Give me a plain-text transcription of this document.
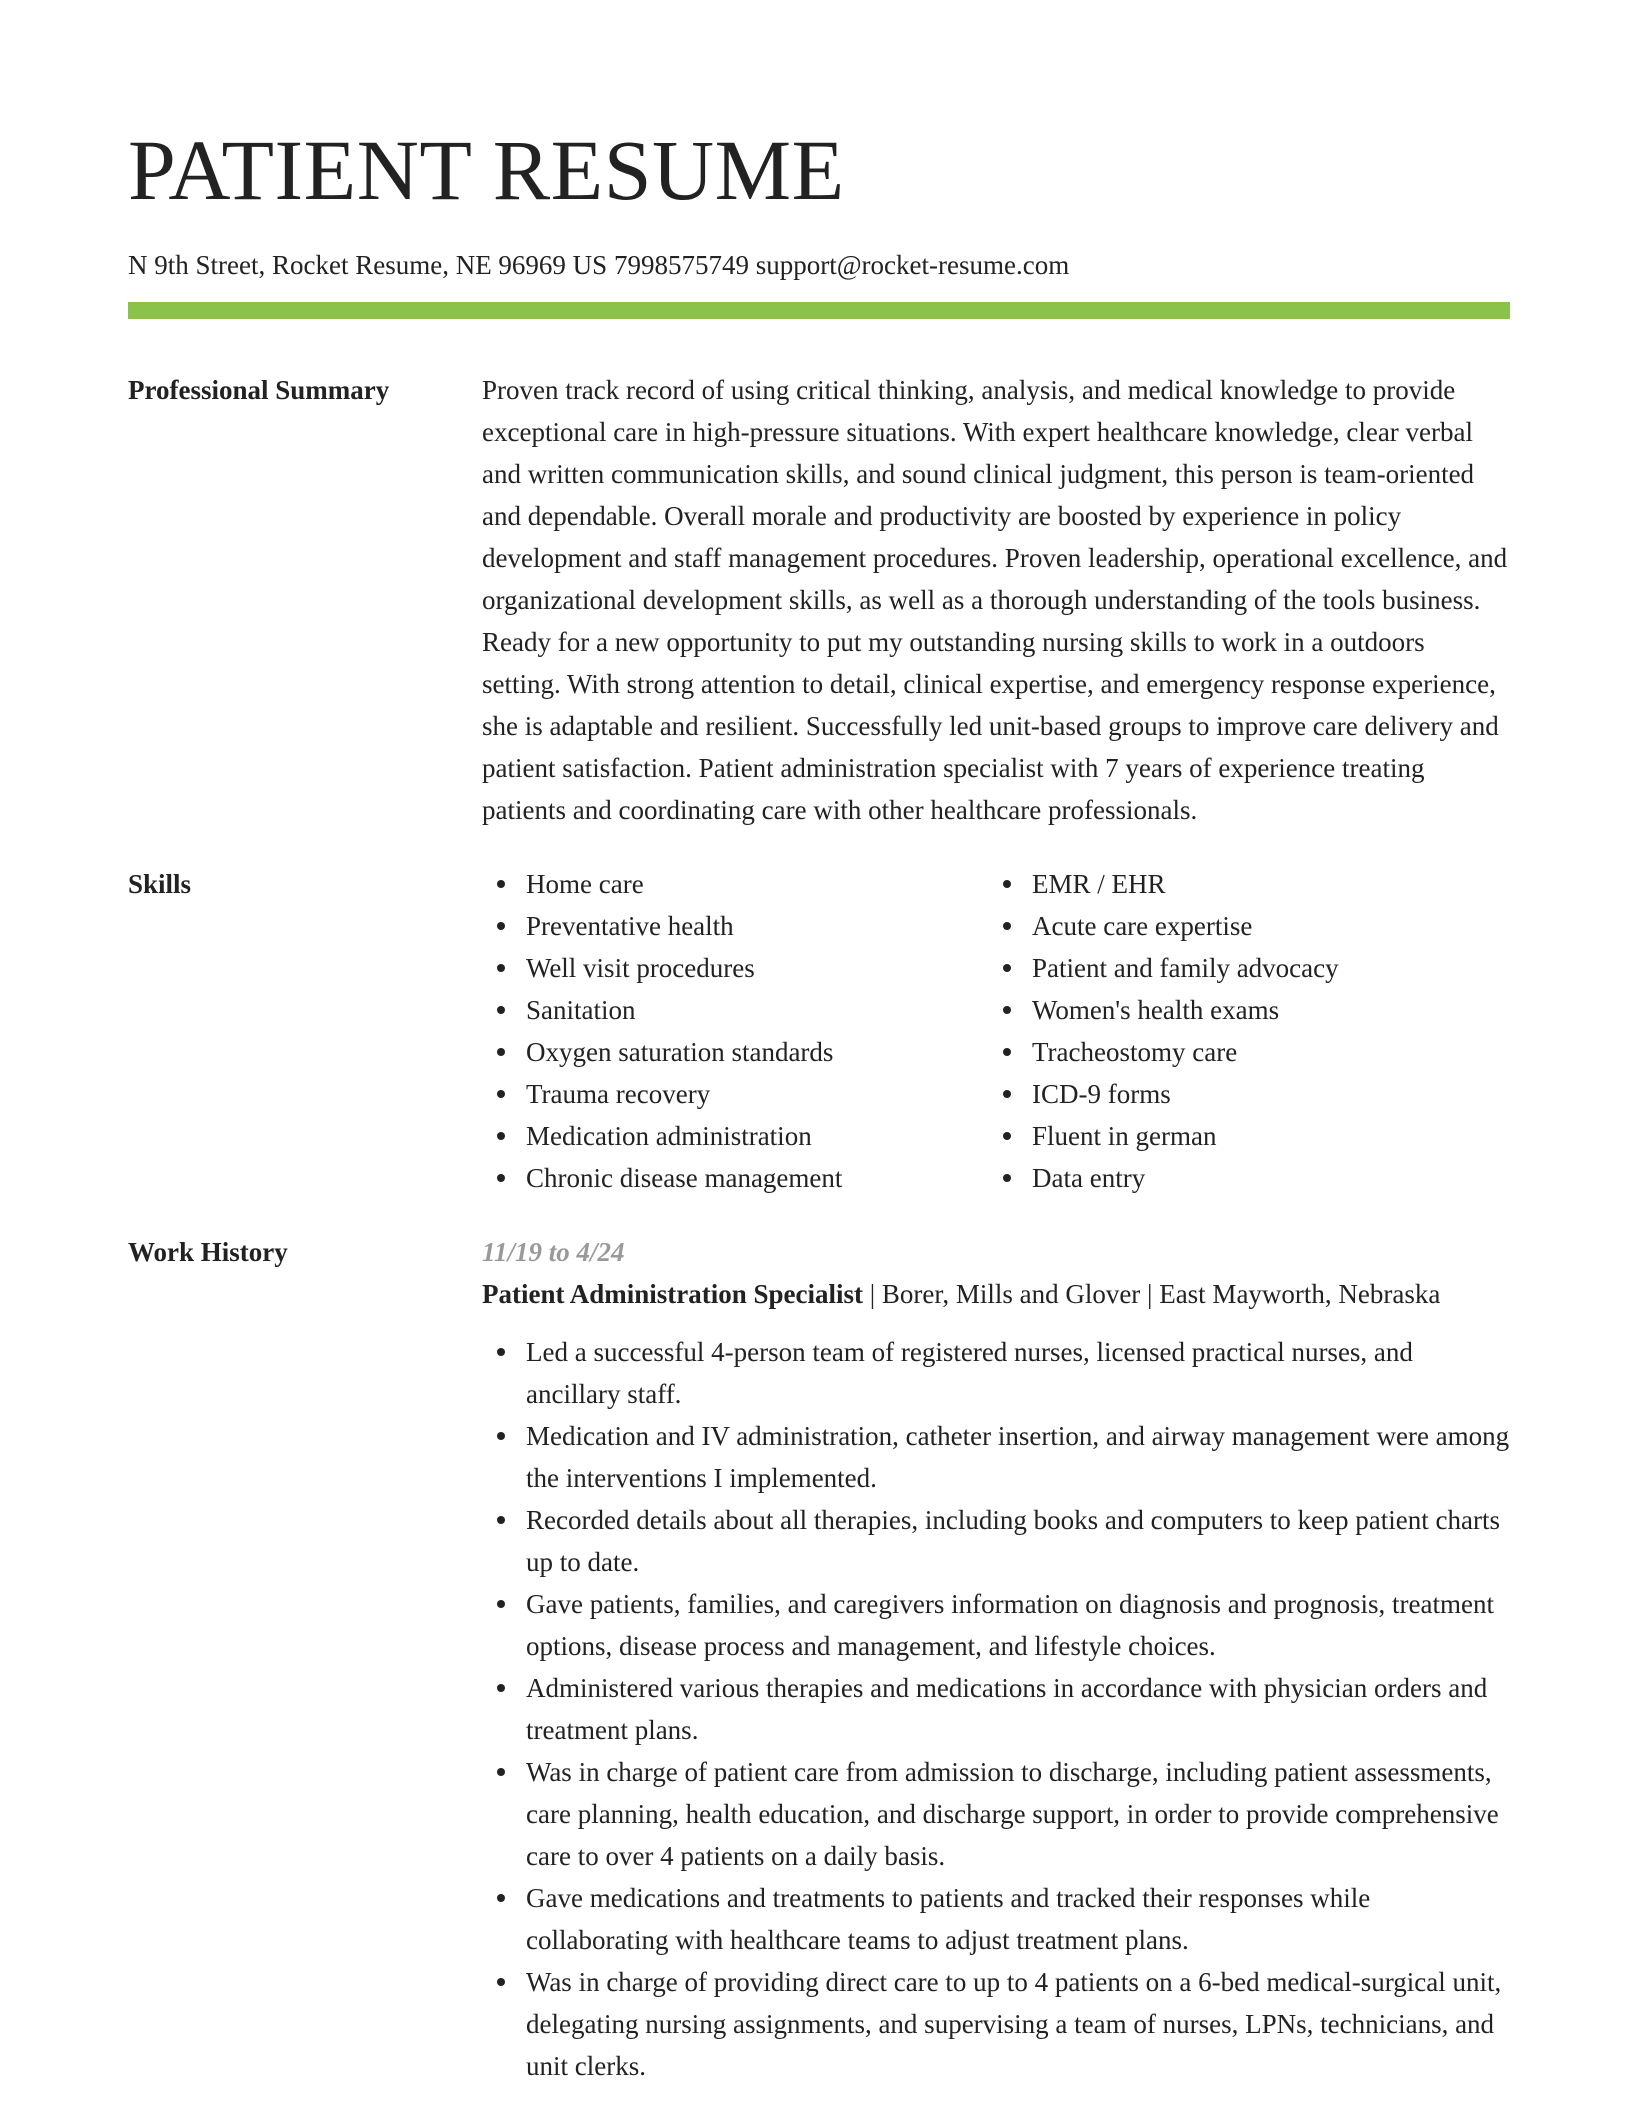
PATIENT RESUME
N 9th Street, Rocket Resume, NE 96969 US 7998575749 support@rocket-resume.com
Professional Summary	Proven track record of using critical thinking, analysis, and medical knowledge to provide exceptional care in high-pressure situations. With expert healthcare knowledge, clear verbal and written communication skills, and sound clinical judgment, this person is team-oriented and dependable. Overall morale and productivity are boosted by experience in policy development and staff management procedures. Proven leadership, operational excellence, and organizational development skills, as well as a thorough understanding of the tools business. Ready for a new opportunity to put my outstanding nursing skills to work in a outdoors setting. With strong attention to detail, clinical expertise, and emergency response experience, she is adaptable and resilient. Successfully led unit-based groups to improve care delivery and patient satisfaction. Patient administration specialist with 7 years of experience treating patients and coordinating care with other healthcare professionals.
Skills	Home care
Preventative health
Well visit procedures
Sanitation
Oxygen saturation standards
Trauma recovery
Medication administration
Chronic disease management
EMR / EHR
Acute care expertise
Patient and family advocacy
Women's health exams
Tracheostomy care
ICD-9 forms
Fluent in german
Data entry
Work History	11/19 to 4/24
Patient Administration Specialist | Borer, Mills and Glover | East Mayworth, Nebraska
Led a successful 4-person team of registered nurses, licensed practical nurses, and ancillary staff.
Medication and IV administration, catheter insertion, and airway management were among the interventions I implemented.
Recorded details about all therapies, including books and computers to keep patient charts up to date.
Gave patients, families, and caregivers information on diagnosis and prognosis, treatment options, disease process and management, and lifestyle choices.
Administered various therapies and medications in accordance with physician orders and treatment plans.
Was in charge of patient care from admission to discharge, including patient assessments, care planning, health education, and discharge support, in order to provide comprehensive care to over 4 patients on a daily basis.
Gave medications and treatments to patients and tracked their responses while collaborating with healthcare teams to adjust treatment plans.
Was in charge of providing direct care to up to 4 patients on a 6-bed medical-surgical unit, delegating nursing assignments, and supervising a team of nurses, LPNs, technicians, and unit clerks.
